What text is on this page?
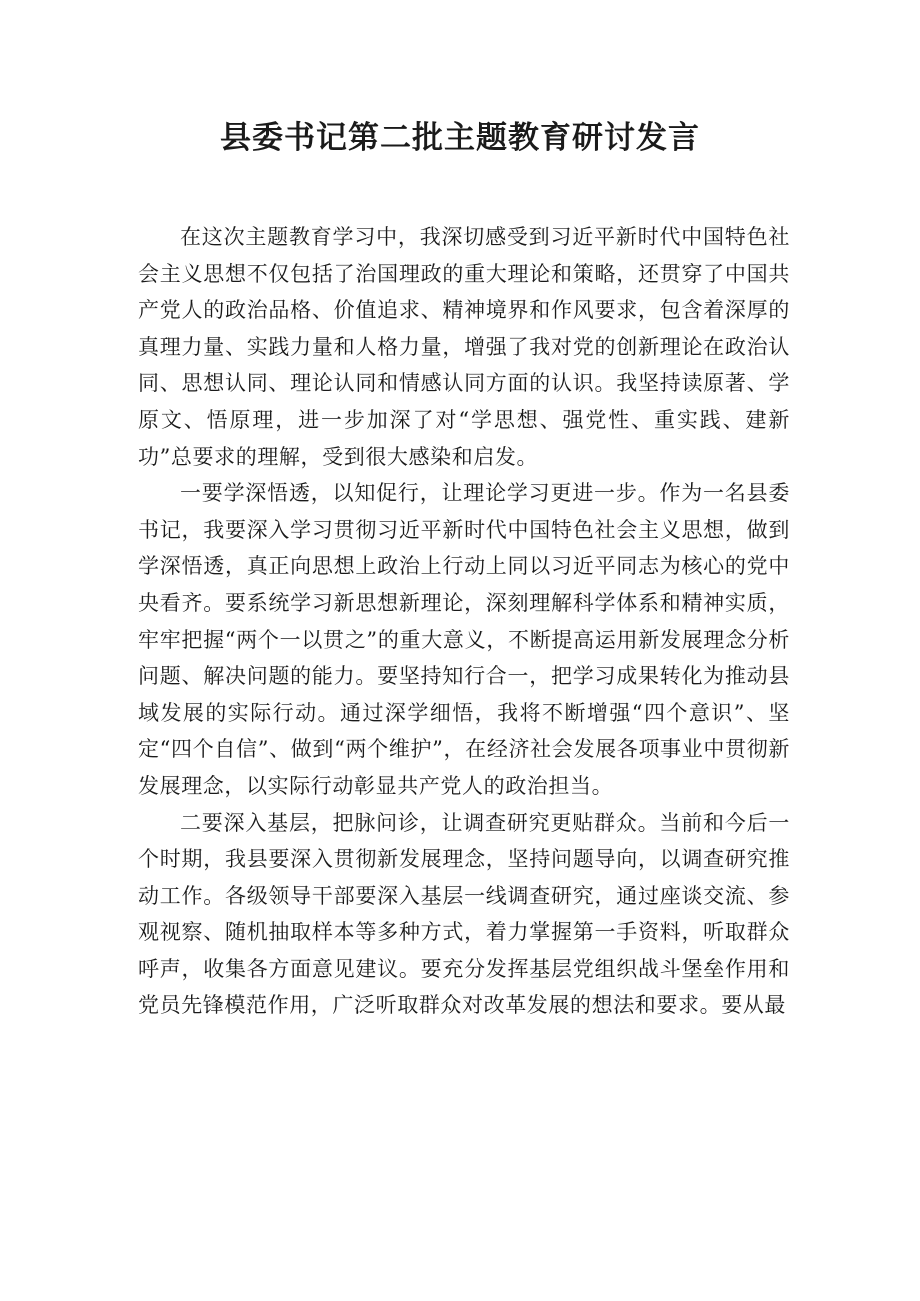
县委书记第二批主题教育研讨发言

在这次主题教育学习中，我深切感受到习近平新时代中国特色社会主义思想不仅包括了治国理政的重大理论和策略，还贯穿了中国共产党人的政治品格、价值追求、精神境界和作风要求，包含着深厚的真理力量、实践力量和人格力量，增强了我对党的创新理论在政治认同、思想认同、理论认同和情感认同方面的认识。我坚持读原著、学原文、悟原理，进一步加深了对“学思想、强党性、重实践、建新功”总要求的理解，受到很大感染和启发。

一要学深悟透，以知促行，让理论学习更进一步。作为一名县委书记，我要深入学习贯彻习近平新时代中国特色社会主义思想，做到学深悟透，真正向思想上政治上行动上同以习近平同志为核心的党中央看齐。要系统学习新思想新理论，深刻理解科学体系和精神实质，牢牢把握“两个一以贯之”的重大意义，不断提高运用新发展理念分析问题、解决问题的能力。要坚持知行合一，把学习成果转化为推动县域发展的实际行动。通过深学细悟，我将不断增强“四个意识”、坚定“四个自信”、做到“两个维护”，在经济社会发展各项事业中贯彻新发展理念，以实际行动彰显共产党人的政治担当。

二要深入基层，把脉问诊，让调查研究更贴群众。当前和今后一个时期，我县要深入贯彻新发展理念，坚持问题导向，以调查研究推动工作。各级领导干部要深入基层一线调查研究，通过座谈交流、参观视察、随机抽取样本等多种方式，着力掌握第一手资料，听取群众呼声，收集各方面意见建议。要充分发挥基层党组织战斗堡垒作用和党员先锋模范作用，广泛听取群众对改革发展的想法和要求。要从最
